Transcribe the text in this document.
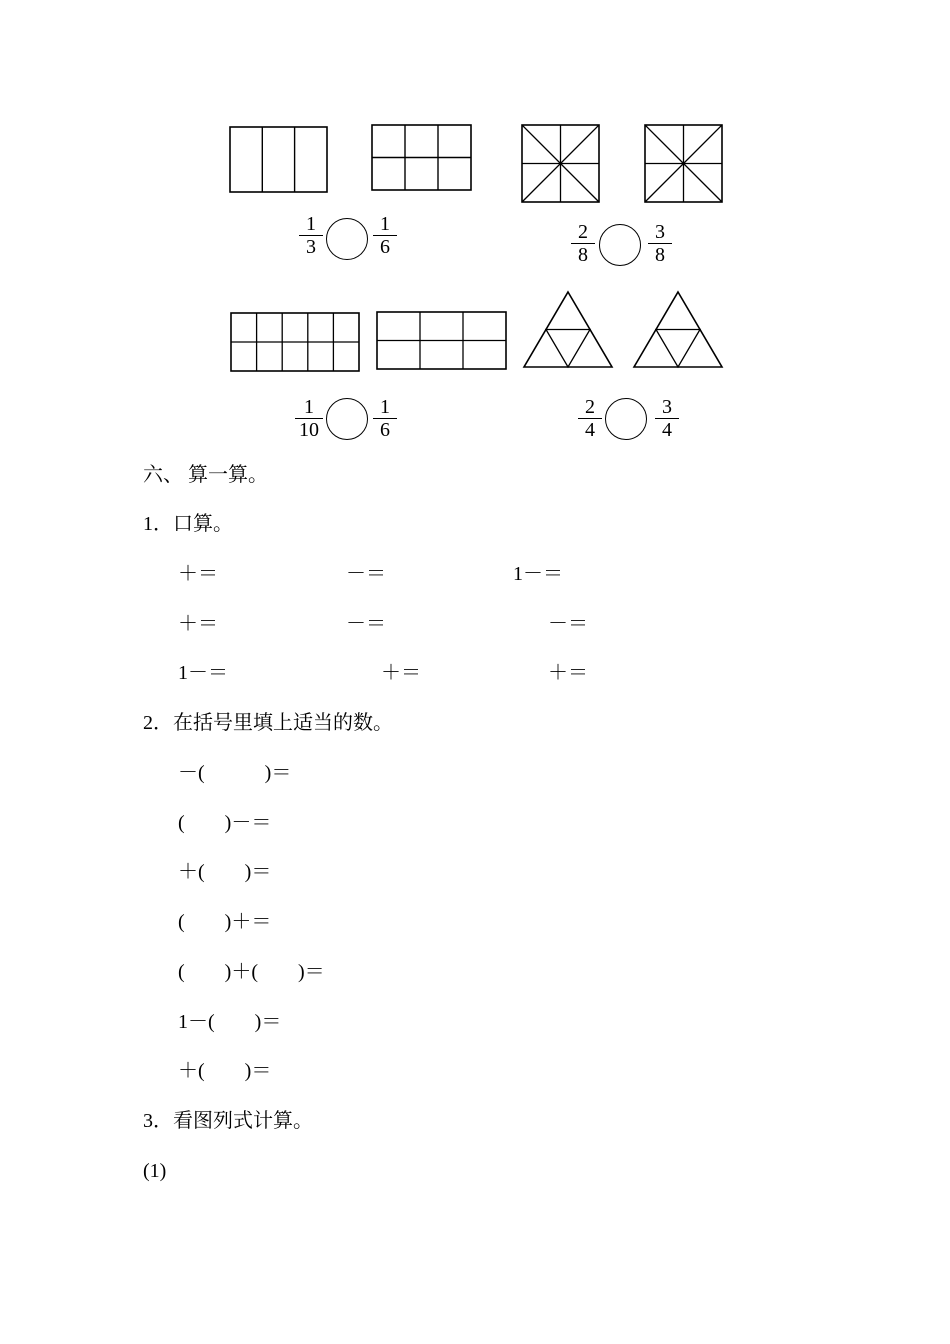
1
3
1
6
2
8
3
8
1
10
1
6
2
4
3
4
六、 算一算。
1．口算。
＋＝	－＝	1－＝
＋＝	－＝	－＝
1－＝	＋＝	＋＝
2．在括号里填上适当的数。
－(　　　)＝
(　　)－＝
＋(　　)＝
(　　)＋＝
(　　)＋(　　)＝
1－(　　)＝
＋(　　)＝
3．看图列式计算。
(1)
